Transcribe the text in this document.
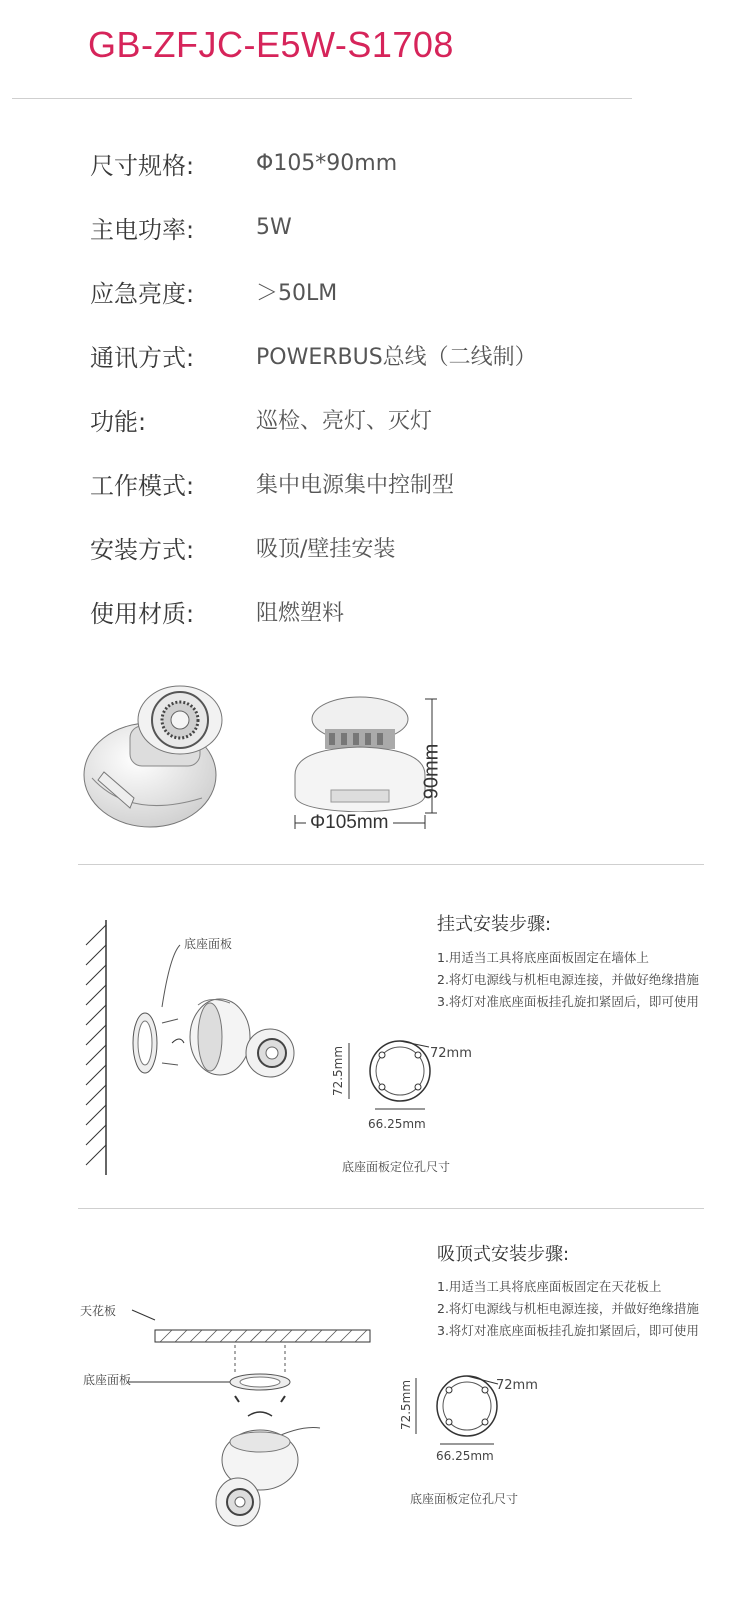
GB-ZFJC-E5W-S1708
尺寸规格:	Φ105*90mm
主电功率:	5W
应急亮度:	＞50LM
通讯方式:	POWERBUS总线（二线制）
功能:	巡检、亮灯、灭灯
工作模式:	集中电源集中控制型
安装方式:	吸顶/壁挂安装
使用材质:	阻燃塑料
90mm
Φ105mm
底座面板
挂式安装步骤:
1.用适当工具将底座面板固定在墙体上
2.将灯电源线与机柜电源连接，并做好绝缘措施
3.将灯对准底座面板挂孔旋扣紧固后，即可使用
72mm
72.5mm
66.25mm
底座面板定位孔尺寸
天花板
底座面板
吸顶式安装步骤:
1.用适当工具将底座面板固定在天花板上
2.将灯电源线与机柜电源连接，并做好绝缘措施
3.将灯对准底座面板挂孔旋扣紧固后，即可使用
72mm
72.5mm
66.25mm
底座面板定位孔尺寸
